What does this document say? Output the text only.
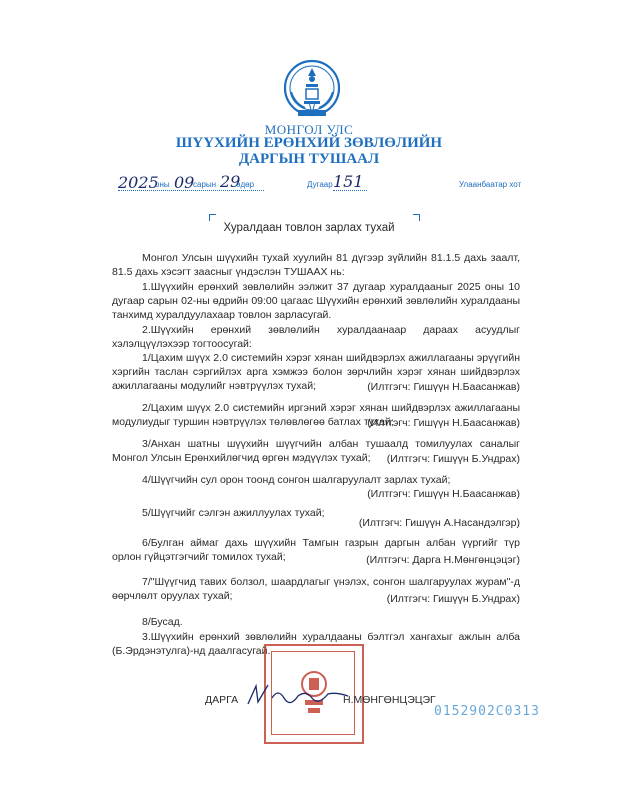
МОНГОЛ УЛС
ШҮҮХИЙН ЕРӨНХИЙ ЗӨВЛӨЛИЙН
ДАРГЫН ТУШААЛ
2025
оны 09
сарын 29
өдөр	Дугаар 151	Улаанбаатар хот
Хуралдаан товлон зарлах тухай
Монгол Улсын шүүхийн тухай хуулийн 81 дүгээр зүйлийн 81.1.5 дахь заалт, 81.5 дахь хэсэгт заасныг үндэслэн ТУШААХ нь:
1.Шүүхийн ерөнхий зөвлөлийн ээлжит 37 дугаар хуралдааныг 2025 оны 10 дугаар сарын 02-ны өдрийн 09:00 цагаас Шүүхийн ерөнхий зөвлөлийн хуралдааны танхимд хуралдуулахаар товлон зарласугай.
2.Шүүхийн ерөнхий зөвлөлийн хуралдаанаар дараах асуудлыг хэлэлцүүлэхээр тогтоосугай:
1/Цахим шүүх 2.0 системийн хэрэг хянан шийдвэрлэх ажиллагааны эрүүгийн хэргийн таслан сэргийлэх арга хэмжээ болон зөрчлийн хэрэг хянан шийдвэрлэх ажиллагааны модулийг нэвтрүүлэх тухай;	(Илтгэгч: Гишүүн Н.Баасанжав)
2/Цахим шүүх 2.0 системийн иргэний хэрэг хянан шийдвэрлэх ажиллагааны модулиудыг туршин нэвтрүүлэх төлөвлөгөө батлах тухай;
(Илтгэгч: Гишүүн Н.Баасанжав)
3/Анхан шатны шүүхийн шүүгчийн албан тушаалд томилуулах саналыг Монгол Улсын Ерөнхийлөгчид өргөн мэдүүлэх тухай;	(Илтгэгч: Гишүүн Б.Ундрах)
4/Шүүгчийн сул орон тоонд сонгон шалгаруулалт зарлах тухай;
(Илтгэгч: Гишүүн Н.Баасанжав)
5/Шүүгчийг сэлгэн ажиллуулах тухай;
(Илтгэгч: Гишүүн А.Насандэлгэр)
6/Булган аймаг дахь шүүхийн Тамгын газрын даргын албан үүргийг түр орлон гүйцэтгэгчийг томилох тухай;	(Илтгэгч: Дарга Н.Мөнгөнцэцэг)
7/"Шүүгчид тавих болзол, шаардлагыг үнэлэх, сонгон шалгаруулах журам"-д өөрчлөлт оруулах тухай;	(Илтгэгч: Гишүүн Б.Ундрах)
8/Бусад.
3.Шүүхийн ерөнхий зөвлөлийн хуралдааны бэлтгэл хангахыг ажлын алба (Б.Эрдэнэтулга)-нд даалгасугай.
ДАРГА	Н.МӨНГӨНЦЭЦЭГ
0152902C0313
